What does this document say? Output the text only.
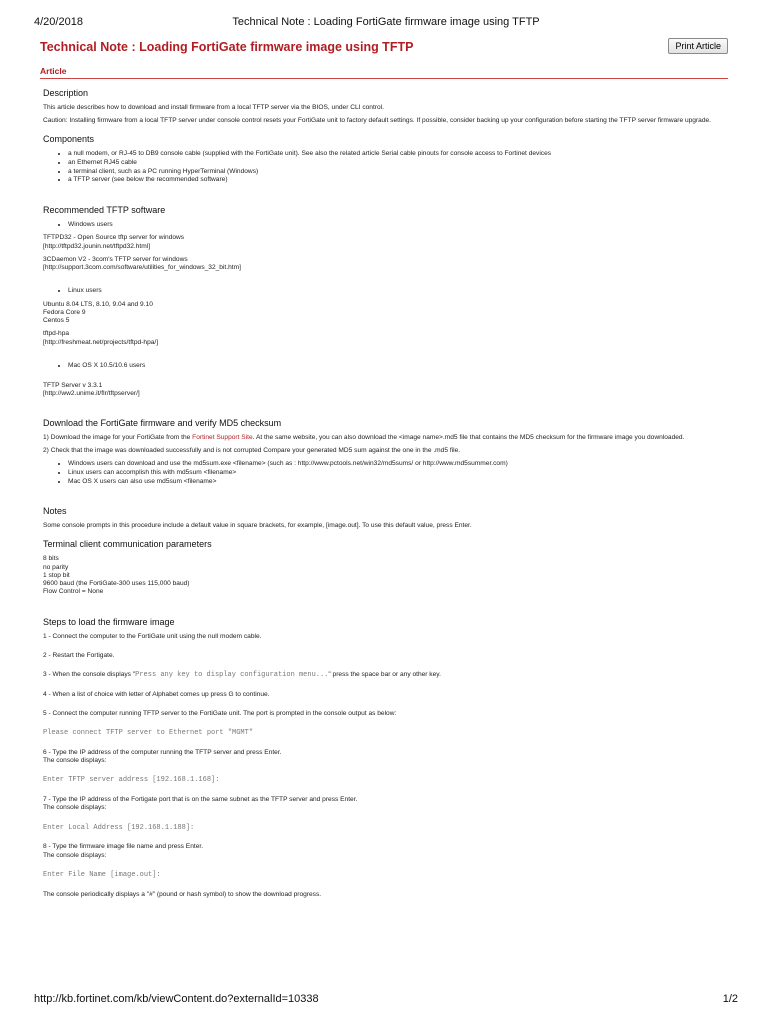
4/20/2018	Technical Note : Loading FortiGate firmware image using TFTP
Technical Note : Loading FortiGate firmware image using TFTP	Print Article
Article
Description

This article describes how to download and install firmware from a local TFTP server via the BIOS, under CLI control.

Caution: Installing firmware from a local TFTP server under console control resets your FortiGate unit to factory default settings. If possible, consider backing up your configuration before starting the TFTP server firmware upgrade.

Components
• a null modem, or RJ-45 to DB9 console cable (supplied with the FortiGate unit). See also the related article Serial cable pinouts for console access to Fortinet devices
• an Ethernet RJ45 cable
• a terminal client, such as a PC running HyperTerminal (Windows)
• a TFTP server (see below the recommended software)
Recommended TFTP software
• Windows users

TFTPD32 - Open Source tftp server for windows
[http://tftpd32.jounin.net/tftpd32.html]

3CDaemon V2 - 3com's TFTP server for windows
[http://support.3com.com/software/utilities_for_windows_32_bit.htm]

• Linux users

Ubuntu 8.04 LTS, 8.10, 9.04 and 9.10
Fedora Core 9
Centos 5

tftpd-hpa
[http://freshmeat.net/projects/tftpd-hpa/]

• Mac OS X 10.5/10.6 users

TFTP Server v 3.3.1
[http://ww2.unime.it/flr/tftpserver/]

Download the FortiGate firmware and verify MD5 checksum

1) Download the image for your FortiGate from the Fortinet Support Site. At the same website, you can also download the <image name>.md5 file that contains the MD5 checksum for the firmware image you downloaded.

2) Check that the image was downloaded successfully and is not corrupted Compare your generated MD5 sum against the one in the .md5 file.

• Windows users can download and use the md5sum.exe <filename> (such as : http://www.pctools.net/win32/md5sums/ or http://www.md5summer.com)
• Linux users can accomplish this with md5sum <filename>
• Mac OS X users can also use md5sum <filename>
Notes

Some console prompts in this procedure include a default value in square brackets, for example, [image.out]. To use this default value, press Enter.

Terminal client communication parameters

8 bits
no parity
1 stop bit
9600 baud (the FortiGate-300 uses 115,000 baud)
Flow Control = None

Steps to load the firmware image

1 - Connect the computer to the FortiGate unit using the null modem cable.

2 - Restart the Fortigate.

3 - When the console displays "Press any key to display configuration menu..." press the space bar or any other key.

4 - When a list of choice with letter of Alphabet comes up press G to continue.

5 - Connect the computer running TFTP server to the FortiGate unit. The port is prompted in the console output as below:

Please connect TFTP server to Ethernet port "MGMT"

6 - Type the IP address of the computer running the TFTP server and press Enter.
The console displays:

Enter TFTP server address [192.168.1.168]:

7 - Type the IP address of the Fortigate port that is on the same subnet as the TFTP server and press Enter.
The console displays:

Enter Local Address [192.168.1.188]:

8 - Type the firmware image file name and press Enter.
The console displays:

Enter File Name [image.out]:

The console periodically displays a "#" (pound or hash symbol) to show the download progress.

http://kb.fortinet.com/kb/viewContent.do?externalId=10338	1/2
